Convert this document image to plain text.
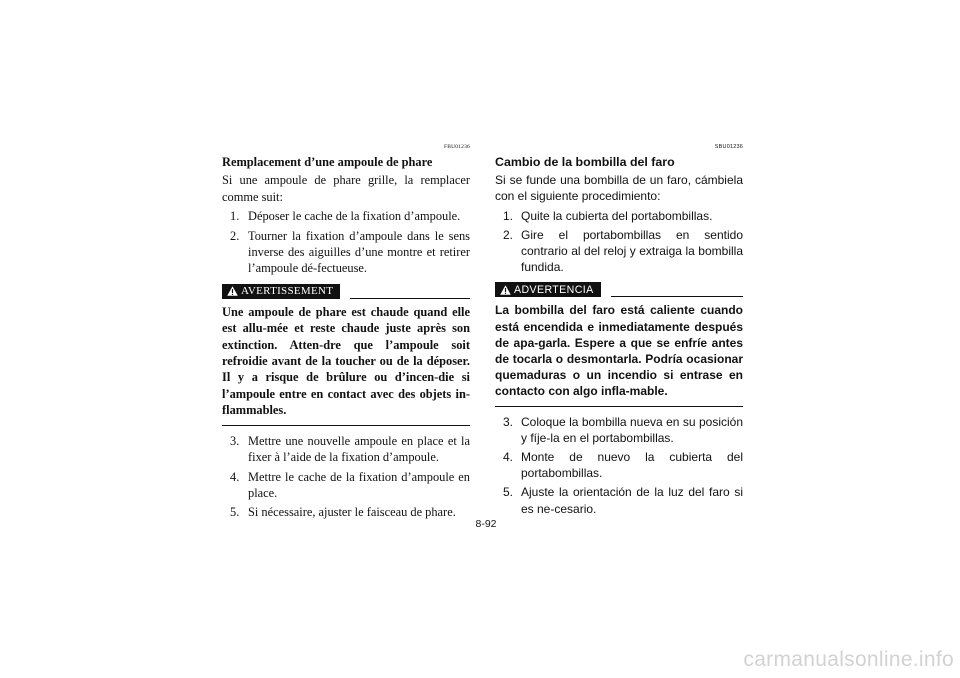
FBU01236
Remplacement d’une ampoule de phare

Si une ampoule de phare grille, la remplacer comme suit:

1. Déposer le cache de la fixation d’ampoule.
2. Tourner la fixation d’ampoule dans le sens inverse des aiguilles d’une montre et retirer l’ampoule dé-fectueuse.
AVERTISSEMENT
Une ampoule de phare est chaude quand elle est allu-mée et reste chaude juste après son extinction. Atten-dre que l’ampoule soit refroidie avant de la toucher ou de la déposer. Il y a risque de brûlure ou d’incen-die si l’ampoule entre en contact avec des objets in-flammables.
3. Mettre une nouvelle ampoule en place et la fixer à l’aide de la fixation d’ampoule.
4. Mettre le cache de la fixation d’ampoule en place.
5. Si nécessaire, ajuster le faisceau de phare.
SBU01236
Cambio de la bombilla del faro

Si se funde una bombilla de un faro, cámbiela con el siguiente procedimiento:

1. Quite la cubierta del portabombillas.
2. Gire el portabombillas en sentido contrario al del reloj y extraiga la bombilla fundida.
ADVERTENCIA
La bombilla del faro está caliente cuando está encendida e inmediatamente después de apa-garla. Espere a que se enfríe antes de tocarla o desmontarla. Podría ocasionar quemaduras o un incendio si entrase en contacto con algo infla-mable.
3. Coloque la bombilla nueva en su posición y fíje-la en el portabombillas.
4. Monte de nuevo la cubierta del portabombillas.
5. Ajuste la orientación de la luz del faro si es ne-cesario.
8-92
carmanualsonline.info
